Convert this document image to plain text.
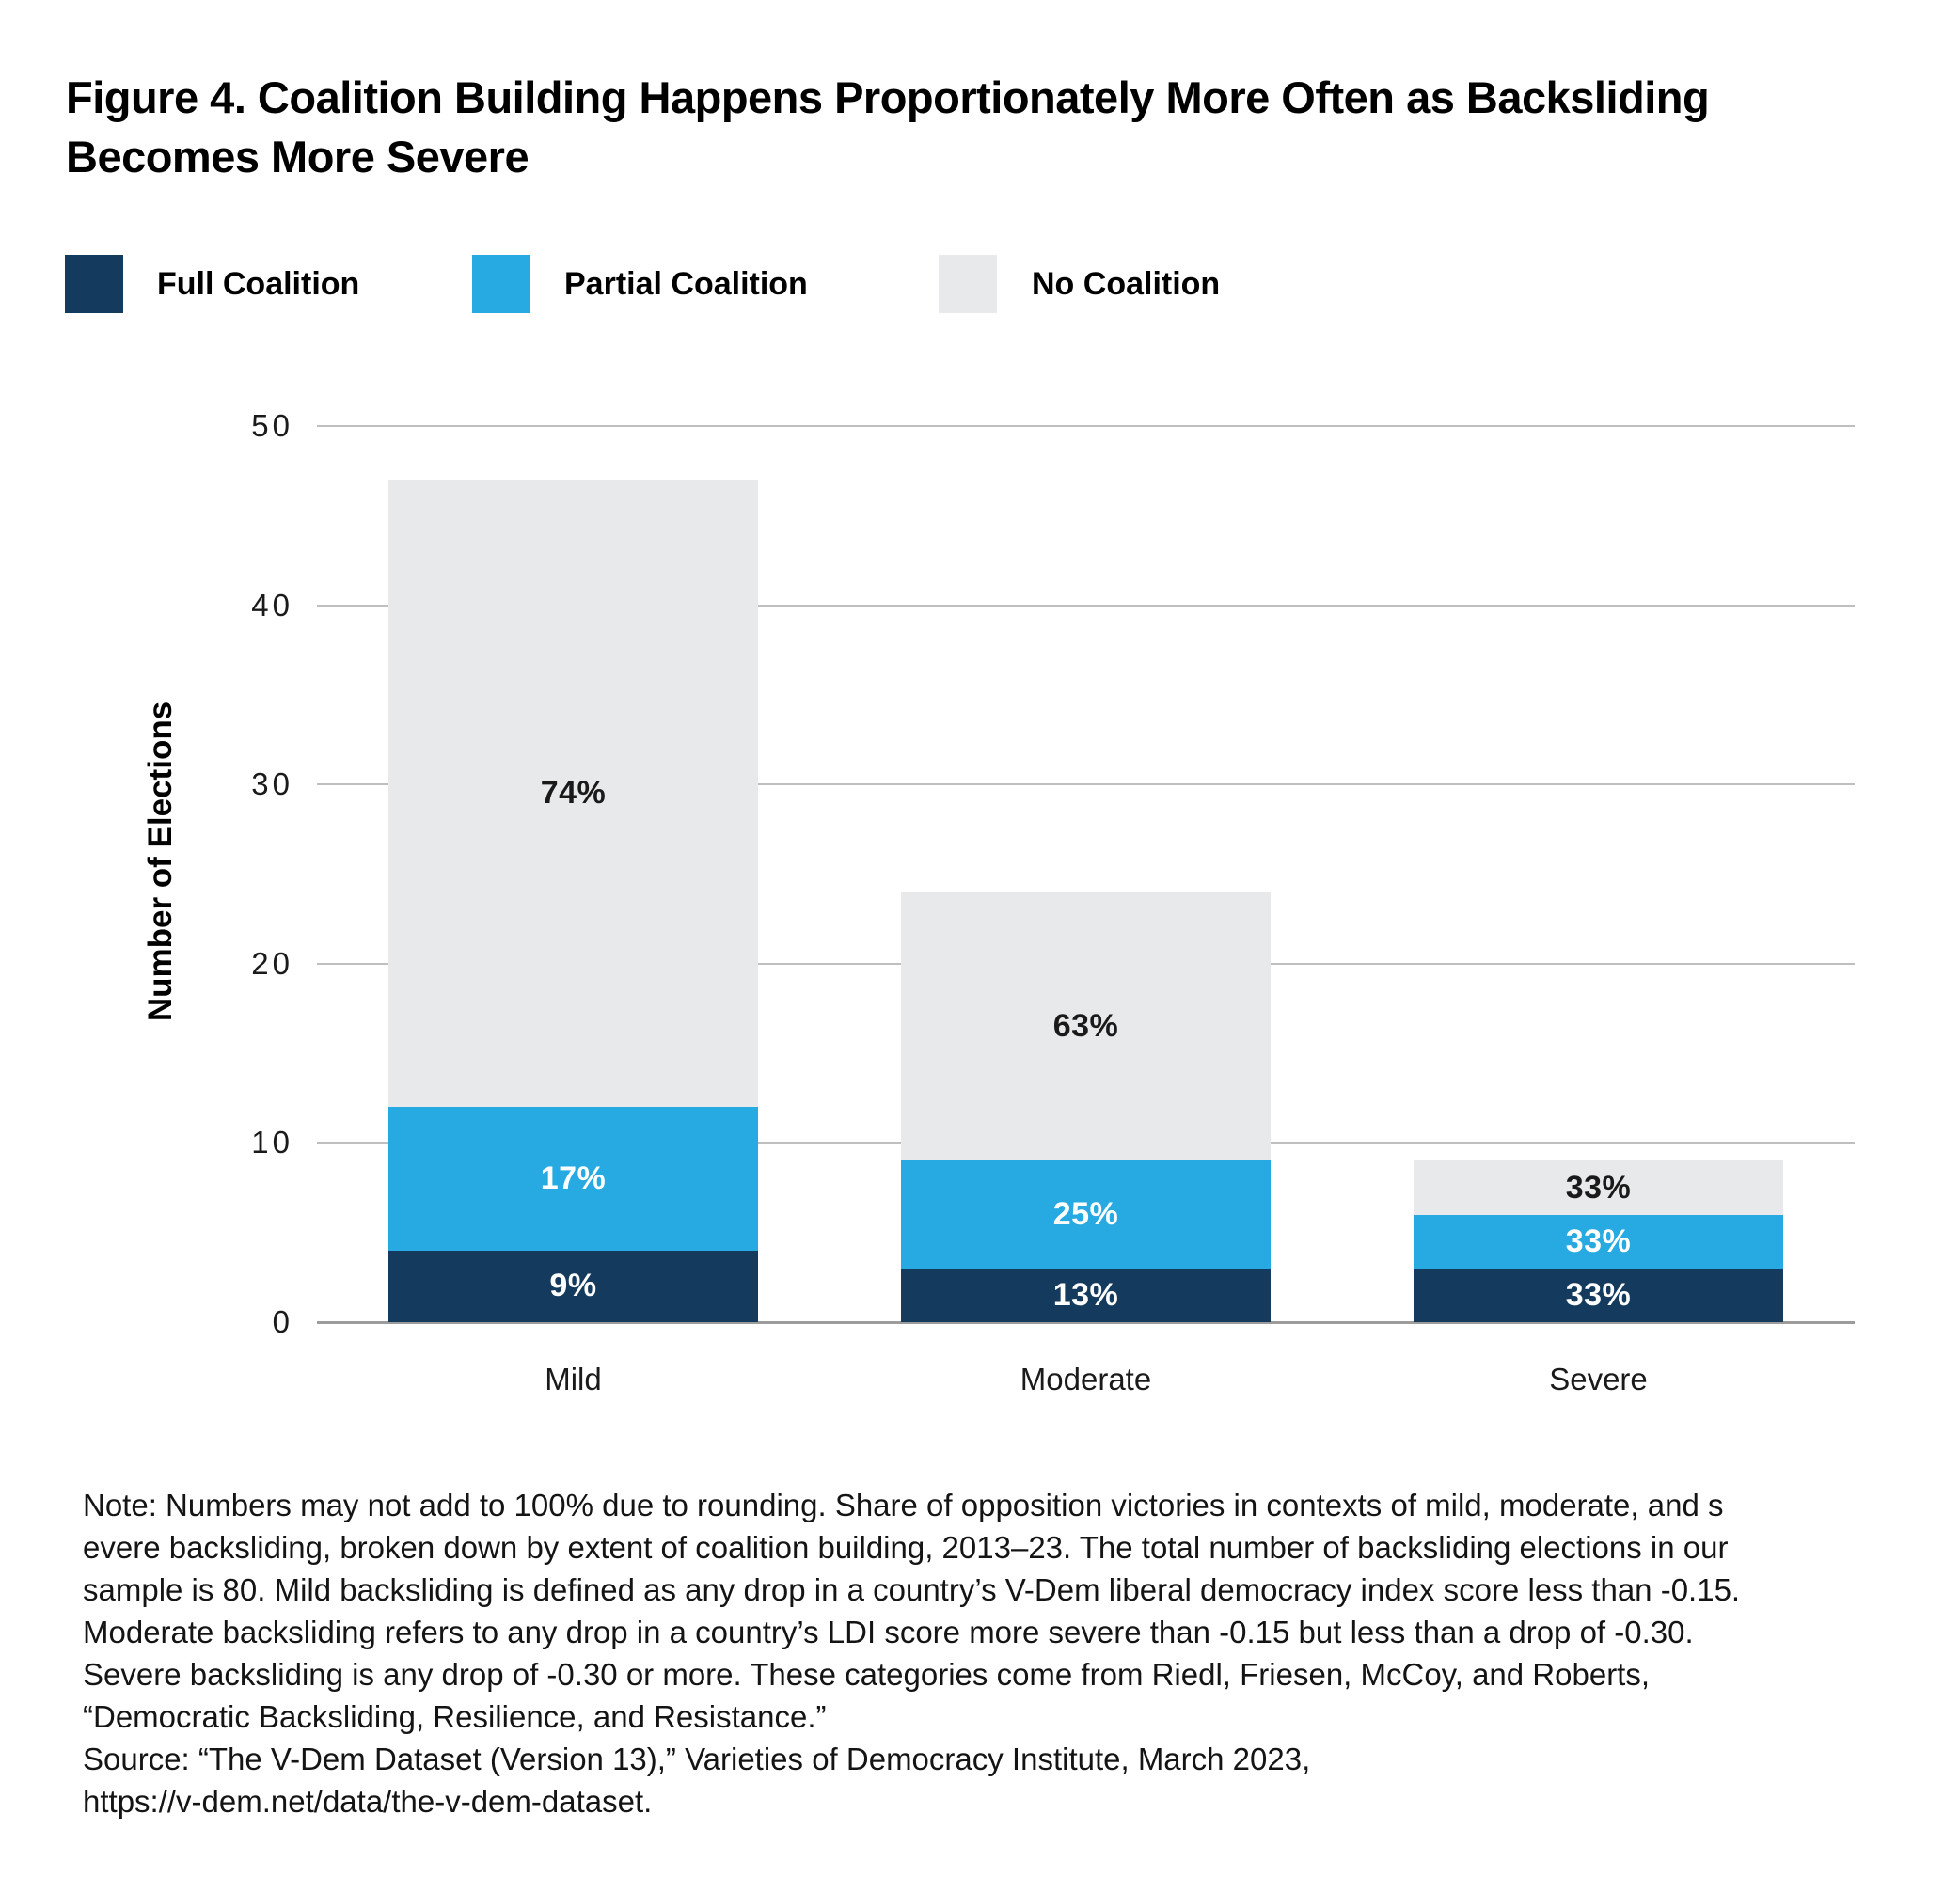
Figure 4. Coalition Building Happens Proportionately More Often as Backsliding
Becomes More Severe
Full Coalition	Partial Coalition	No Coalition
Number of Elections
0
10
20
30
40
50
9%
17%
74%
Mild
13%
25%
63%
Moderate
33%
33%
33%
Severe
Note: Numbers may not add to 100% due to rounding. Share of opposition victories in contexts of mild, moderate, and s
evere backsliding, broken down by extent of coalition building, 2013–23. The total number of backsliding elections in our
sample is 80. Mild backsliding is defined as any drop in a country’s V-Dem liberal democracy index score less than -0.15.
Moderate backsliding refers to any drop in a country’s LDI score more severe than -0.15 but less than a drop of -0.30.
Severe backsliding is any drop of -0.30 or more. These categories come from Riedl, Friesen, McCoy, and Roberts,
“Democratic Backsliding, Resilience, and Resistance.”
Source: “The V-Dem Dataset (Version 13),” Varieties of Democracy Institute, March 2023,
https://v-dem.net/data/the-v-dem-dataset.
